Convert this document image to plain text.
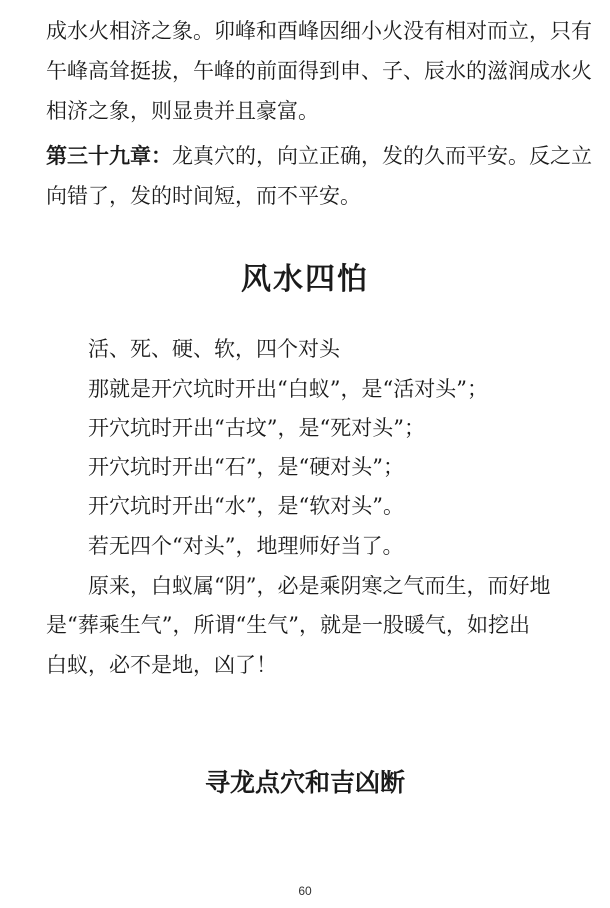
成水火相济之象。卯峰和酉峰因细小火没有相对而立，只有
午峰高耸挺拔，午峰的前面得到申、子、辰水的滋润成水火
相济之象，则显贵并且豪富。
第三十九章：龙真穴的，向立正确，发的久而平安。反之立
向错了，发的时间短，而不平安。
风水四怕
活、死、硬、软，四个对头
那就是开穴坑时开出“白蚁”，是“活对头”；
开穴坑时开出“古坟”，是“死对头”；
开穴坑时开出“石”，是“硬对头”；
开穴坑时开出“水”，是“软对头”。
若无四个“对头”，地理师好当了。
原来，白蚁属“阴”，必是乘阴寒之气而生，而好地
是“葬乘生气”，所谓“生气”，就是一股暖气，如挖出
白蚁，必不是地，凶了！
寻龙点穴和吉凶断
60
